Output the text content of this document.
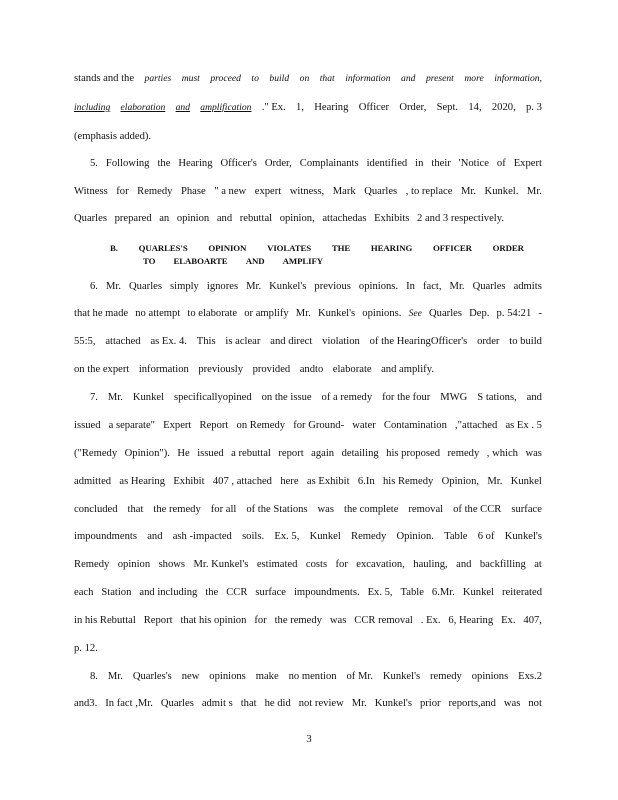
stands and the parties must proceed to build on that information and present more information,
including elaboration and amplification ." Ex. 1, Hearing Officer Order, Sept. 14, 2020, p. 3
(emphasis added).
5. Following the Hearing Officer's Order, Complainants identified in their 'Notice of Expert
Witness for Remedy Phase " a new expert witness, Mark Quarles , to replace Mr. Kunkel. Mr.
Quarles prepared an opinion and rebuttal opinion, attachedas Exhibits 2 and 3 respectively.
B. QUARLES'S OPINION VIOLATES THE HEARING OFFICER ORDER
TO ELABOARTE AND AMPLIFY
6. Mr. Quarles simply ignores Mr. Kunkel's previous opinions. In fact, Mr. Quarles admits
that he made no attempt to elaborate or amplify Mr. Kunkel's opinions. See Quarles Dep. p. 54:21 -
55:5, attached as Ex. 4. This is aclear and direct violation of the HearingOfficer's order to build
on the expert information previously provided andto elaborate and amplify.
7. Mr. Kunkel specificallyopined on the issue of a remedy for the four MWG S tations, and
issued a separate" Expert Report on Remedy for Ground- water Contamination ,"attached as Ex . 5
("Remedy Opinion"). He issued a rebuttal report again detailing his proposed remedy , which was
admitted as Hearing Exhibit 407 , attached here as Exhibit 6.In his Remedy Opinion, Mr. Kunkel
concluded that the remedy for all of the Stations was the complete removal of the CCR surface
impoundments and ash -impacted soils. Ex. 5, Kunkel Remedy Opinion. Table 6 of Kunkel's
Remedy opinion shows Mr. Kunkel's estimated costs for excavation, hauling, and backfilling at
each Station and including the CCR surface impoundments. Ex. 5, Table 6.Mr. Kunkel reiterated
in his Rebuttal Report that his opinion for the remedy was CCR removal . Ex. 6, Hearing Ex. 407,
p. 12.
8. Mr. Quarles's new opinions make no mention of Mr. Kunkel's remedy opinions Exs.2
and3. In fact ,Mr. Quarles admit s that he did not review Mr. Kunkel's prior reports,and was not
3
